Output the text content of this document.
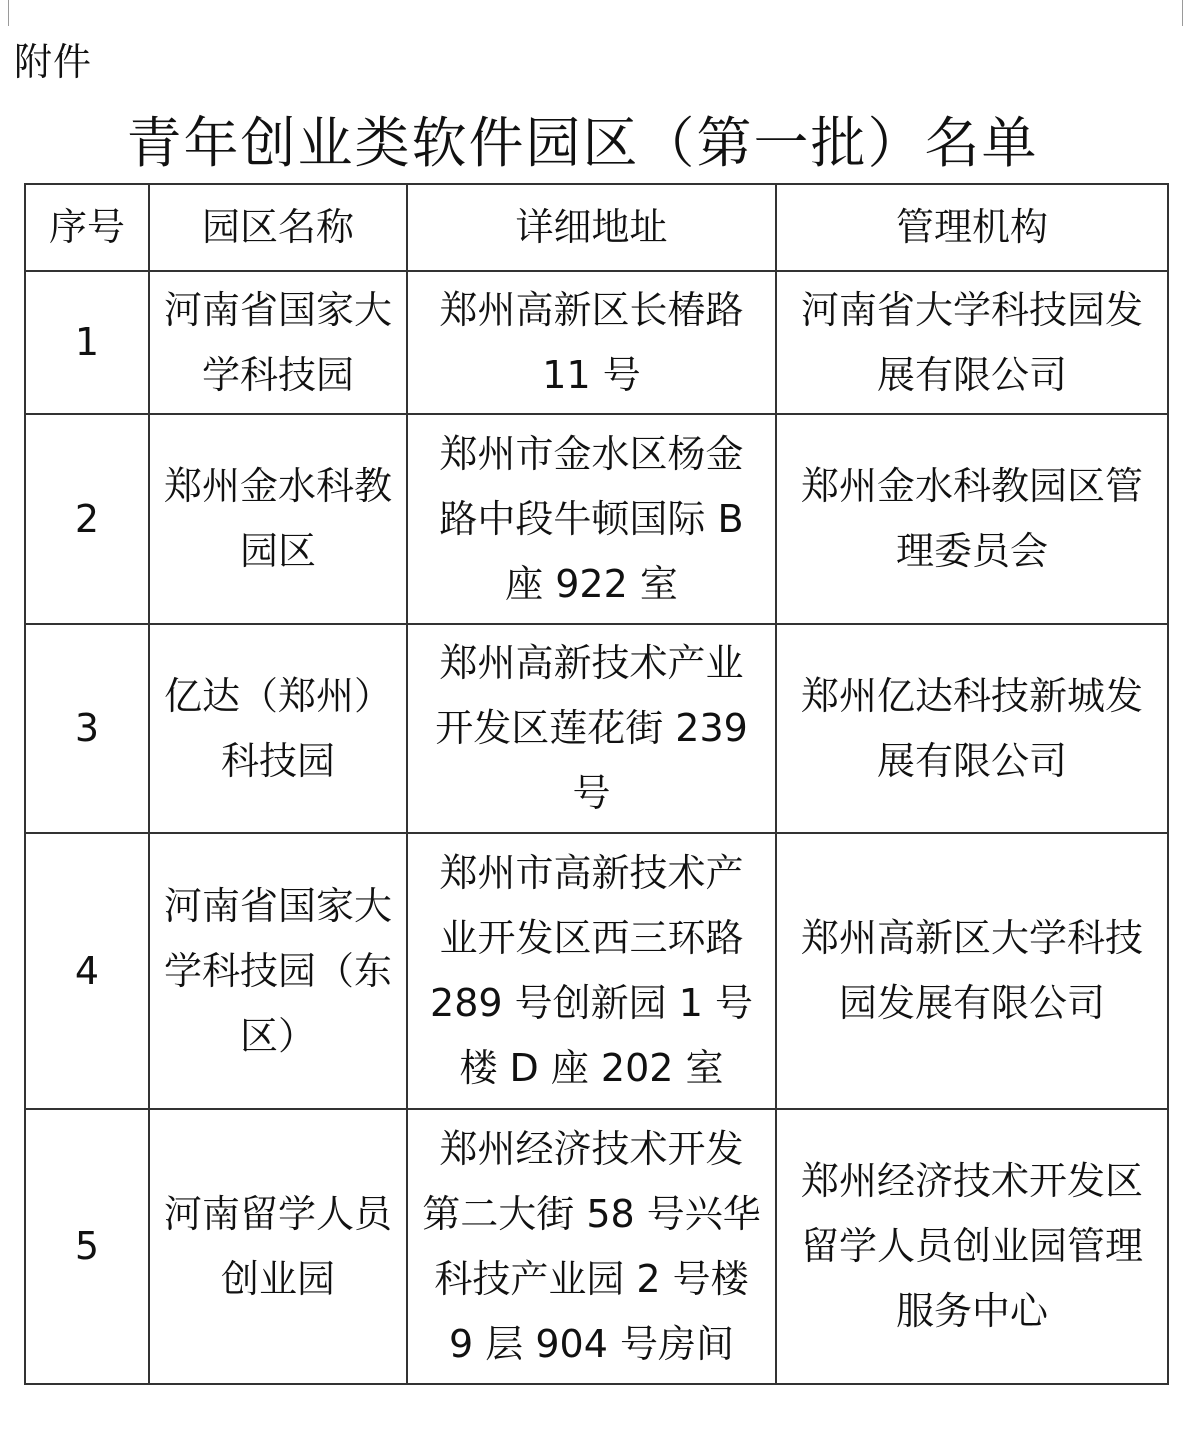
附件
青年创业类软件园区（第一批）名单
序号	园区名称	详细地址	管理机构
1	河南省国家大学科技园	郑州高新区长椿路 11 号	河南省大学科技园发展有限公司
2	郑州金水科教园区	郑州市金水区杨金路中段牛顿国际 B 座 922 室	郑州金水科教园区管理委员会
3	亿达（郑州）科技园	郑州高新技术产业开发区莲花街 239 号	郑州亿达科技新城发展有限公司
4	河南省国家大学科技园（东区）	郑州市高新技术产业开发区西三环路 289 号创新园 1 号楼 D 座 202 室	郑州高新区大学科技园发展有限公司
5	河南留学人员创业园	郑州经济技术开发第二大街 58 号兴华科技产业园 2 号楼 9 层 904 号房间	郑州经济技术开发区留学人员创业园管理服务中心
